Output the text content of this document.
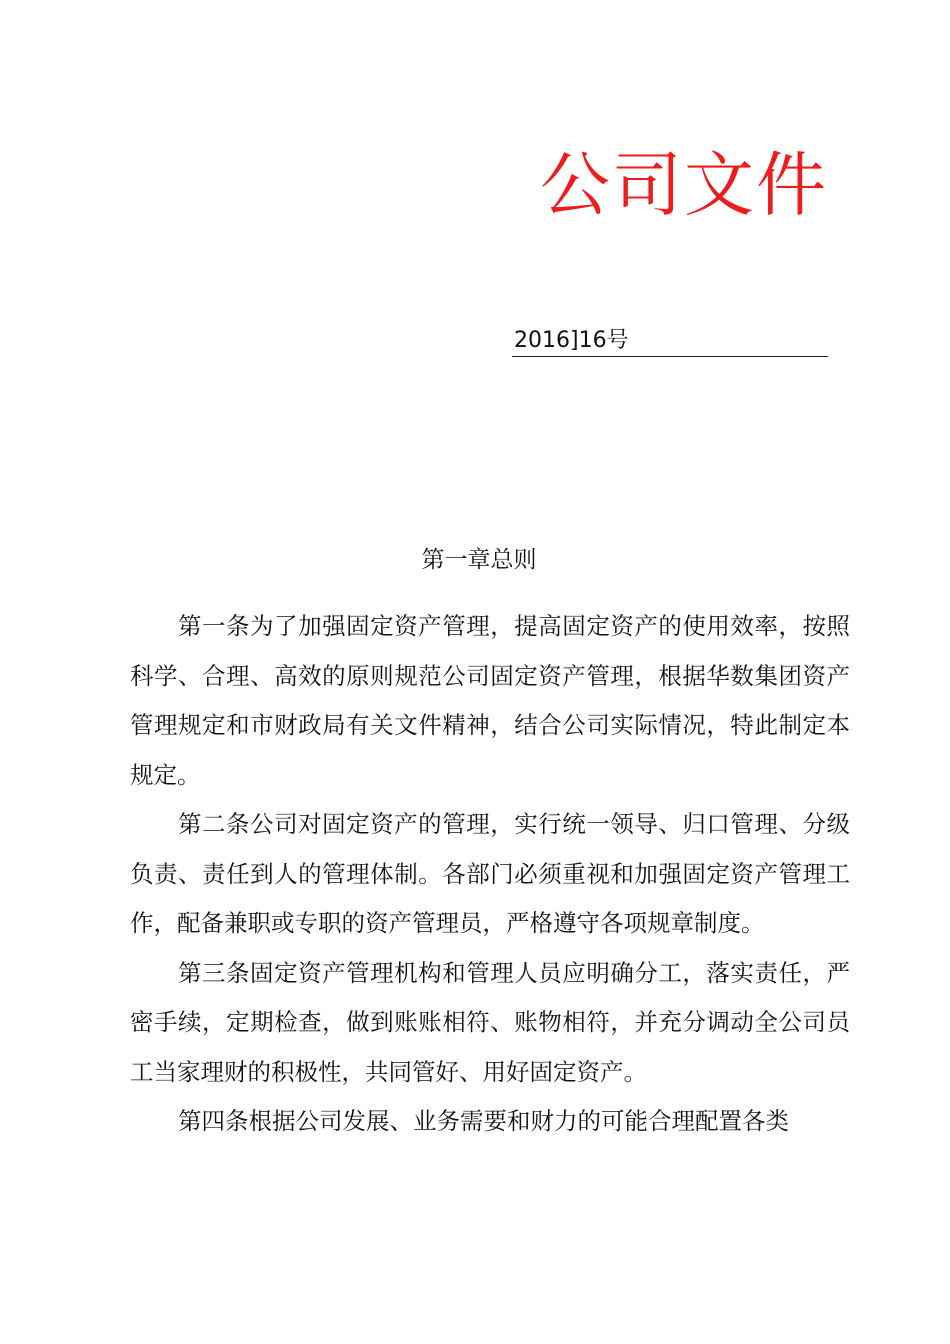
公司文件
2016]16号
第一章总则

第一条为了加强固定资产管理，提高固定资产的使用效率，按照科学、合理、高效的原则规范公司固定资产管理，根据华数集团资产管理规定和市财政局有关文件精神，结合公司实际情况，特此制定本规定。

第二条公司对固定资产的管理，实行统一领导、归口管理、分级负责、责任到人的管理体制。各部门必须重视和加强固定资产管理工作，配备兼职或专职的资产管理员，严格遵守各项规章制度。

第三条固定资产管理机构和管理人员应明确分工，落实责任，严密手续，定期检查，做到账账相符、账物相符，并充分调动全公司员工当家理财的积极性，共同管好、用好固定资产。

第四条根据公司发展、业务需要和财力的可能合理配置各类
